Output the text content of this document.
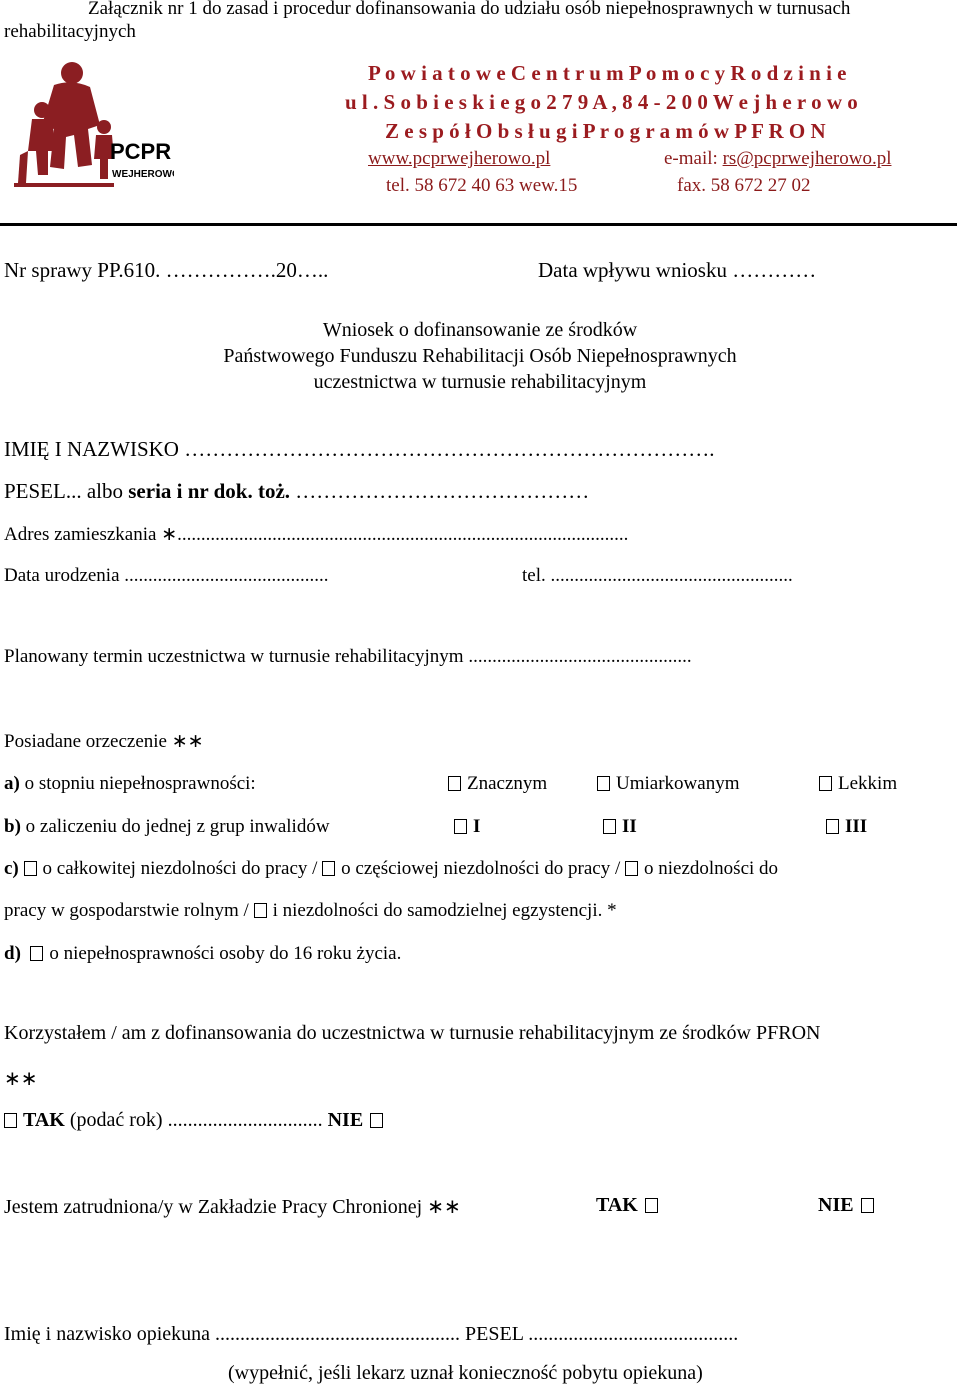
Załącznik nr 1 do zasad i procedur dofinansowania do udziału osób niepełnosprawnych w turnusach
rehabilitacyjnych
PCPR
WEJHEROWO
P o w i a t o w e C e n t r u m P o m o c y R o d z i n i e
u l . S o b i e s k i e g o 2 7 9 A , 8 4 - 2 0 0 W e j h e r o w o
Z e s p ó ł O b s ł u g i P r o g r a m ó w P F R O N
www.pcprwejherowo.pl	e-mail: rs@pcprwejherowo.pl
tel. 58 672 40 63 wew.15	fax. 58 672 27 02
Nr sprawy PP.610. …………….20…..	Data wpływu wniosku …………
Wniosek o dofinansowanie ze środków
Państwowego Funduszu Rehabilitacji Osób Niepełnosprawnych
uczestnictwa w turnusie rehabilitacyjnym
IMIĘ I NAZWISKO ………………………………………………………………….
PESEL... albo seria i nr dok. toż. ……………………………………
Adres zamieszkania ∗...............................................................................................
Data urodzenia ...........................................	tel. ...................................................
Planowany termin uczestnictwa w turnusie rehabilitacyjnym ...............................................
Posiadane orzeczenie ∗∗
a) o stopniu niepełnosprawności:	Znacznym	Umiarkowanym	Lekkim
b) o zaliczeniu do jednej z grup inwalidów	I	II	III
c) o całkowitej niezdolności do pracy / o częściowej niezdolności do pracy / o niezdolności do
pracy w gospodarstwie rolnym / i niezdolności do samodzielnej egzystencji. *
d) o niepełnosprawności osoby do 16 roku życia.
Korzystałem / am z dofinansowania do uczestnictwa w turnusie rehabilitacyjnym ze środków PFRON
∗∗
TAK (podać rok) ............................... NIE
Jestem zatrudniona/y w Zakładzie Pracy Chronionej ∗∗	TAK	NIE
Imię i nazwisko opiekuna ................................................. PESEL ..........................................
(wypełnić, jeśli lekarz uznał konieczność pobytu opiekuna)
